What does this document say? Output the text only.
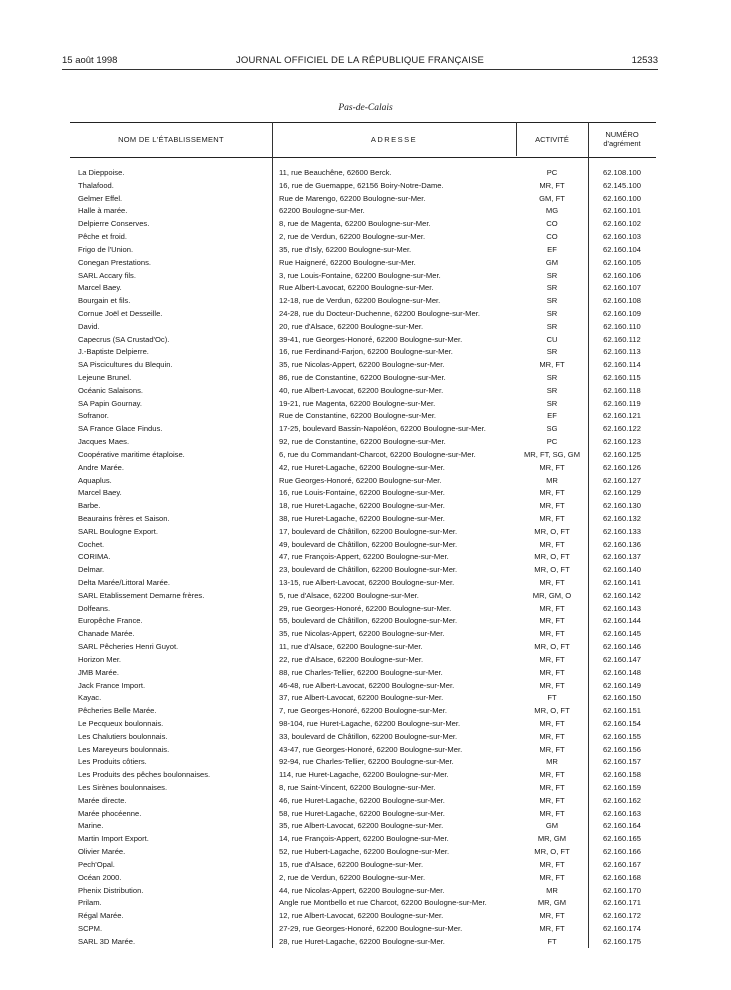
15 août 1998	JOURNAL OFFICIEL DE LA RÉPUBLIQUE FRANÇAISE	12533
Pas-de-Calais
NOM DE L'ÉTABLISSEMENT	ADRESSE	ACTIVITÉ	NUMÉRO
d'agrément
La Dieppoise.	11, rue Beauchêne, 62600 Berck.	PC	62.108.100
Thalafood.	16, rue de Guemappe, 62156 Boiry-Notre-Dame.	MR, FT	62.145.100
Gelmer Effel.	Rue de Marengo, 62200 Boulogne-sur-Mer.	GM, FT	62.160.100
Halle à marée.	62200 Boulogne-sur-Mer.	MG	62.160.101
Delpierre Conserves.	8, rue de Magenta, 62200 Boulogne-sur-Mer.	CO	62.160.102
Pêche et froid.	2, rue de Verdun, 62200 Boulogne-sur-Mer.	CO	62.160.103
Frigo de l'Union.	35, rue d'Isly, 62200 Boulogne-sur-Mer.	EF	62.160.104
Conegan Prestations.	Rue Haigneré, 62200 Boulogne-sur-Mer.	GM	62.160.105
SARL Accary fils.	3, rue Louis-Fontaine, 62200 Boulogne-sur-Mer.	SR	62.160.106
Marcel Baey.	Rue Albert-Lavocat, 62200 Boulogne-sur-Mer.	SR	62.160.107
Bourgain et fils.	12-18, rue de Verdun, 62200 Boulogne-sur-Mer.	SR	62.160.108
Cornue Joël et Desseille.	24-28, rue du Docteur-Duchenne, 62200 Boulogne-sur-Mer.	SR	62.160.109
David.	20, rue d'Alsace, 62200 Boulogne-sur-Mer.	SR	62.160.110
Capecrus (SA Crustad'Oc).	39-41, rue Georges-Honoré, 62200 Boulogne-sur-Mer.	CU	62.160.112
J.-Baptiste Delpierre.	16, rue Ferdinand-Farjon, 62200 Boulogne-sur-Mer.	SR	62.160.113
SA Piscicultures du Blequin.	35, rue Nicolas-Appert, 62200 Boulogne-sur-Mer.	MR, FT	62.160.114
Lejeune Brunel.	86, rue de Constantine, 62200 Boulogne-sur-Mer.	SR	62.160.115
Océanic Salaisons.	40, rue Albert-Lavocat, 62200 Boulogne-sur-Mer.	SR	62.160.118
SA Papin Gournay.	19-21, rue Magenta, 62200 Boulogne-sur-Mer.	SR	62.160.119
Sofranor.	Rue de Constantine, 62200 Boulogne-sur-Mer.	EF	62.160.121
SA France Glace Findus.	17-25, boulevard Bassin-Napoléon, 62200 Boulogne-sur-Mer.	SG	62.160.122
Jacques Maes.	92, rue de Constantine, 62200 Boulogne-sur-Mer.	PC	62.160.123
Coopérative maritime étaploise.	6, rue du Commandant-Charcot, 62200 Boulogne-sur-Mer.	MR, FT, SG, GM	62.160.125
Andre Marée.	42, rue Huret-Lagache, 62200 Boulogne-sur-Mer.	MR, FT	62.160.126
Aquaplus.	Rue Georges-Honoré, 62200 Boulogne-sur-Mer.	MR	62.160.127
Marcel Baey.	16, rue Louis-Fontaine, 62200 Boulogne-sur-Mer.	MR, FT	62.160.129
Barbe.	18, rue Huret-Lagache, 62200 Boulogne-sur-Mer.	MR, FT	62.160.130
Beaurains frères et Saison.	38, rue Huret-Lagache, 62200 Boulogne-sur-Mer.	MR, FT	62.160.132
SARL Boulogne Export.	17, boulevard de Châtillon, 62200 Boulogne-sur-Mer.	MR, O, FT	62.160.133
Cochet.	49, boulevard de Châtillon, 62200 Boulogne-sur-Mer.	MR, FT	62.160.136
CORIMA.	47, rue François-Appert, 62200 Boulogne-sur-Mer.	MR, O, FT	62.160.137
Delmar.	23, boulevard de Châtillon, 62200 Boulogne-sur-Mer.	MR, O, FT	62.160.140
Delta Marée/Littoral Marée.	13-15, rue Albert-Lavocat, 62200 Boulogne-sur-Mer.	MR, FT	62.160.141
SARL Etablissement Demarne frères.	5, rue d'Alsace, 62200 Boulogne-sur-Mer.	MR, GM, O	62.160.142
Dolfeans.	29, rue Georges-Honoré, 62200 Boulogne-sur-Mer.	MR, FT	62.160.143
Europêche France.	55, boulevard de Châtillon, 62200 Boulogne-sur-Mer.	MR, FT	62.160.144
Chanade Marée.	35, rue Nicolas-Appert, 62200 Boulogne-sur-Mer.	MR, FT	62.160.145
SARL Pêcheries Henri Guyot.	11, rue d'Alsace, 62200 Boulogne-sur-Mer.	MR, O, FT	62.160.146
Horizon Mer.	22, rue d'Alsace, 62200 Boulogne-sur-Mer.	MR, FT	62.160.147
JMB Marée.	88, rue Charles-Tellier, 62200 Boulogne-sur-Mer.	MR, FT	62.160.148
Jack France Import.	46-48, rue Albert-Lavocat, 62200 Boulogne-sur-Mer.	MR, FT	62.160.149
Kayac.	37, rue Albert-Lavocat, 62200 Boulogne-sur-Mer.	FT	62.160.150
Pêcheries Belle Marée.	7, rue Georges-Honoré, 62200 Boulogne-sur-Mer.	MR, O, FT	62.160.151
Le Pecqueux boulonnais.	98-104, rue Huret-Lagache, 62200 Boulogne-sur-Mer.	MR, FT	62.160.154
Les Chalutiers boulonnais.	33, boulevard de Châtillon, 62200 Boulogne-sur-Mer.	MR, FT	62.160.155
Les Mareyeurs boulonnais.	43-47, rue Georges-Honoré, 62200 Boulogne-sur-Mer.	MR, FT	62.160.156
Les Produits côtiers.	92-94, rue Charles-Tellier, 62200 Boulogne-sur-Mer.	MR	62.160.157
Les Produits des pêches boulonnaises.	114, rue Huret-Lagache, 62200 Boulogne-sur-Mer.	MR, FT	62.160.158
Les Sirènes boulonnaises.	8, rue Saint-Vincent, 62200 Boulogne-sur-Mer.	MR, FT	62.160.159
Marée directe.	46, rue Huret-Lagache, 62200 Boulogne-sur-Mer.	MR, FT	62.160.162
Marée phocéenne.	58, rue Huret-Lagache, 62200 Boulogne-sur-Mer.	MR, FT	62.160.163
Marine.	35, rue Albert-Lavocat, 62200 Boulogne-sur-Mer.	GM	62.160.164
Martin Import Export.	14, rue François-Appert, 62200 Boulogne-sur-Mer.	MR, GM	62.160.165
Olivier Marée.	52, rue Hubert-Lagache, 62200 Boulogne-sur-Mer.	MR, O, FT	62.160.166
Pech'Opal.	15, rue d'Alsace, 62200 Boulogne-sur-Mer.	MR, FT	62.160.167
Océan 2000.	2, rue de Verdun, 62200 Boulogne-sur-Mer.	MR, FT	62.160.168
Phenix Distribution.	44, rue Nicolas-Appert, 62200 Boulogne-sur-Mer.	MR	62.160.170
Prilam.	Angle rue Montbello et rue Charcot, 62200 Boulogne-sur-Mer.	MR, GM	62.160.171
Régal Marée.	12, rue Albert-Lavocat, 62200 Boulogne-sur-Mer.	MR, FT	62.160.172
SCPM.	27-29, rue Georges-Honoré, 62200 Boulogne-sur-Mer.	MR, FT	62.160.174
SARL 3D Marée.	28, rue Huret-Lagache, 62200 Boulogne-sur-Mer.	FT	62.160.175
